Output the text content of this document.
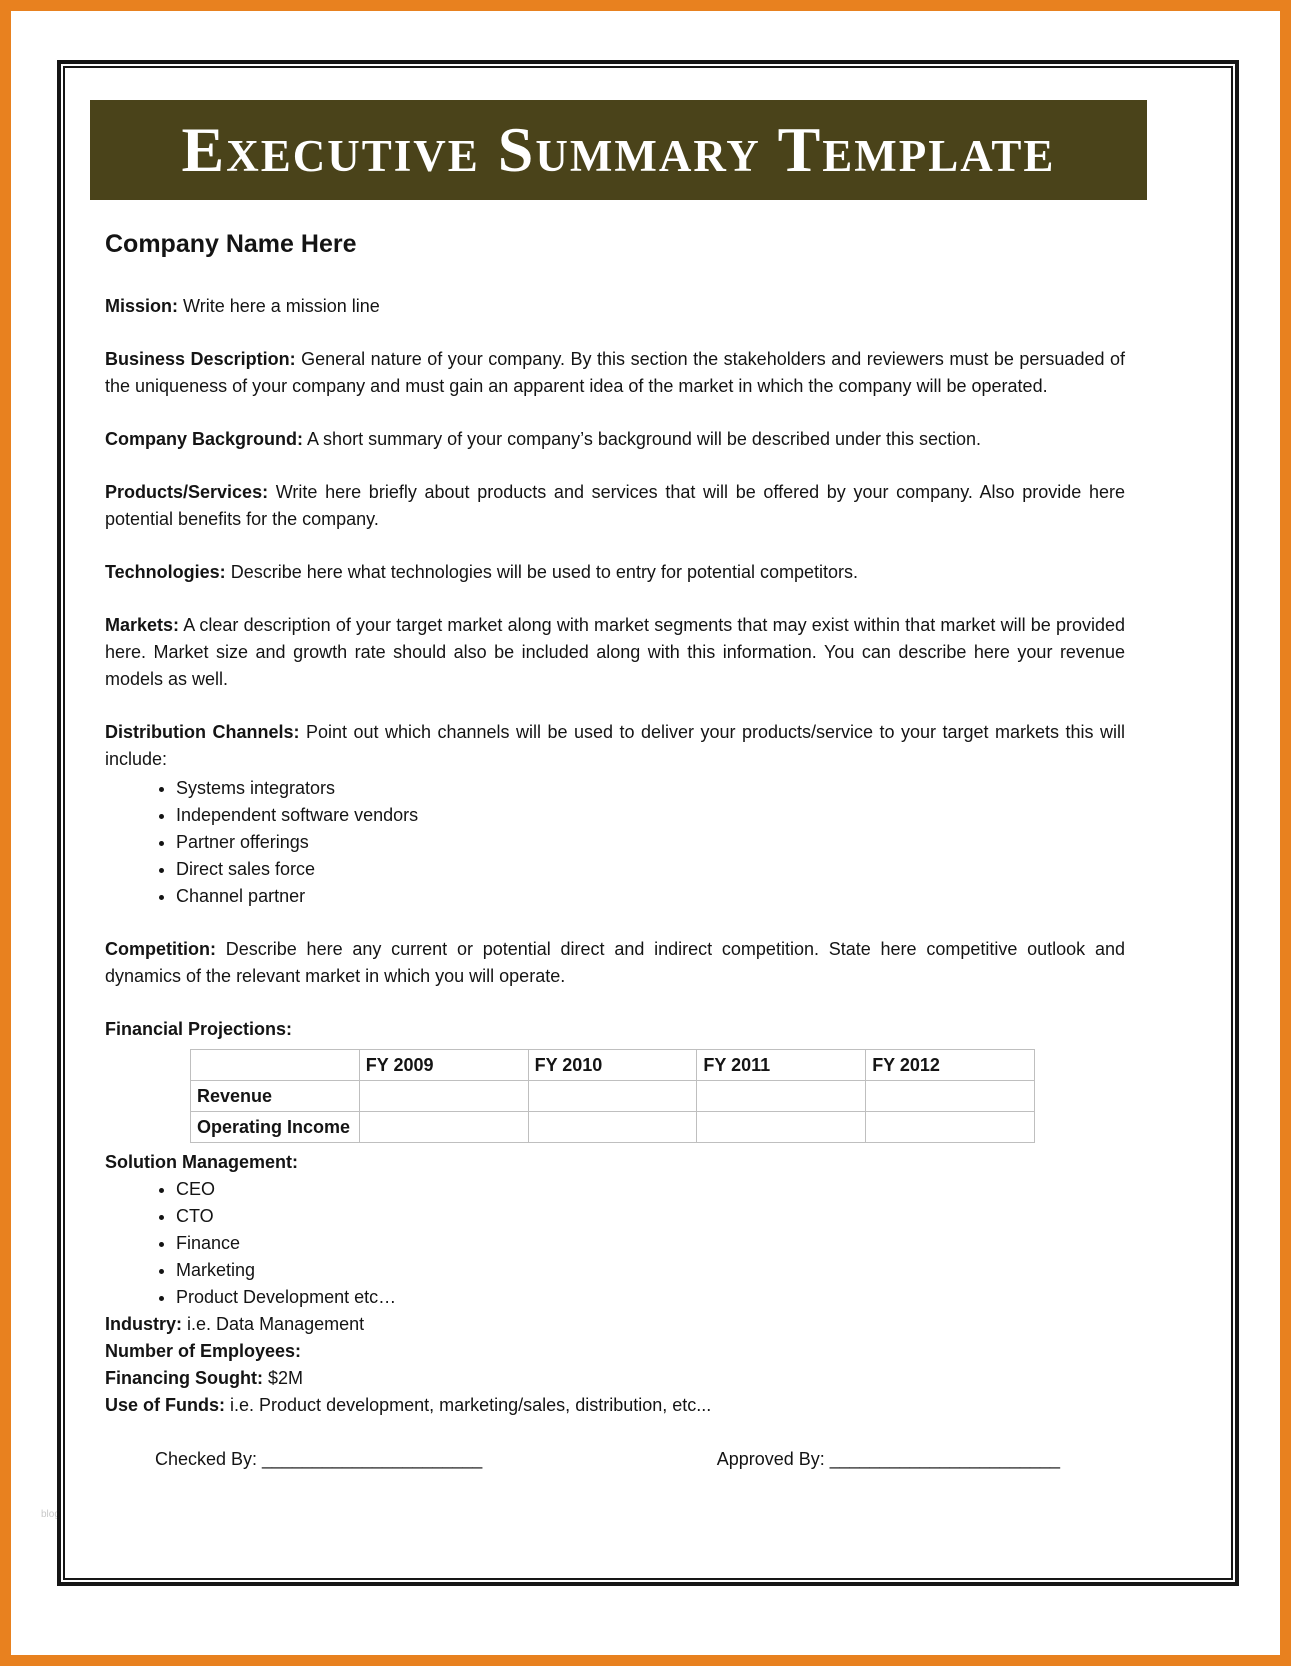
blog
Executive Summary Template
Company Name Here

Mission: Write here a mission line

Business Description: General nature of your company. By this section the stakeholders and reviewers must be persuaded of the uniqueness of your company and must gain an apparent idea of the market in which the company will be operated.

Company Background: A short summary of your company’s background will be described under this section.

Products/Services: Write here briefly about products and services that will be offered by your company. Also provide here potential benefits for the company.

Technologies: Describe here what technologies will be used to entry for potential competitors.

Markets: A clear description of your target market along with market segments that may exist within that market will be provided here. Market size and growth rate should also be included along with this information. You can describe here your revenue models as well.

Distribution Channels: Point out which channels will be used to deliver your products/service to your target markets this will include:

• Systems integrators
• Independent software vendors
• Partner offerings
• Direct sales force
• Channel partner

Competition: Describe here any current or potential direct and indirect competition. State here competitive outlook and dynamics of the relevant market in which you will operate.

Financial Projections:
	FY 2009	FY 2010	FY 2011	FY 2012
Revenue				
Operating Income				
Solution Management:
• CEO
• CTO
• Finance
• Marketing
• Product Development etc…

Industry: i.e. Data Management

Number of Employees:

Financing Sought: $2M

Use of Funds: i.e. Product development, marketing/sales, distribution, etc...

Checked By: ______________________	Approved By: _______________________
